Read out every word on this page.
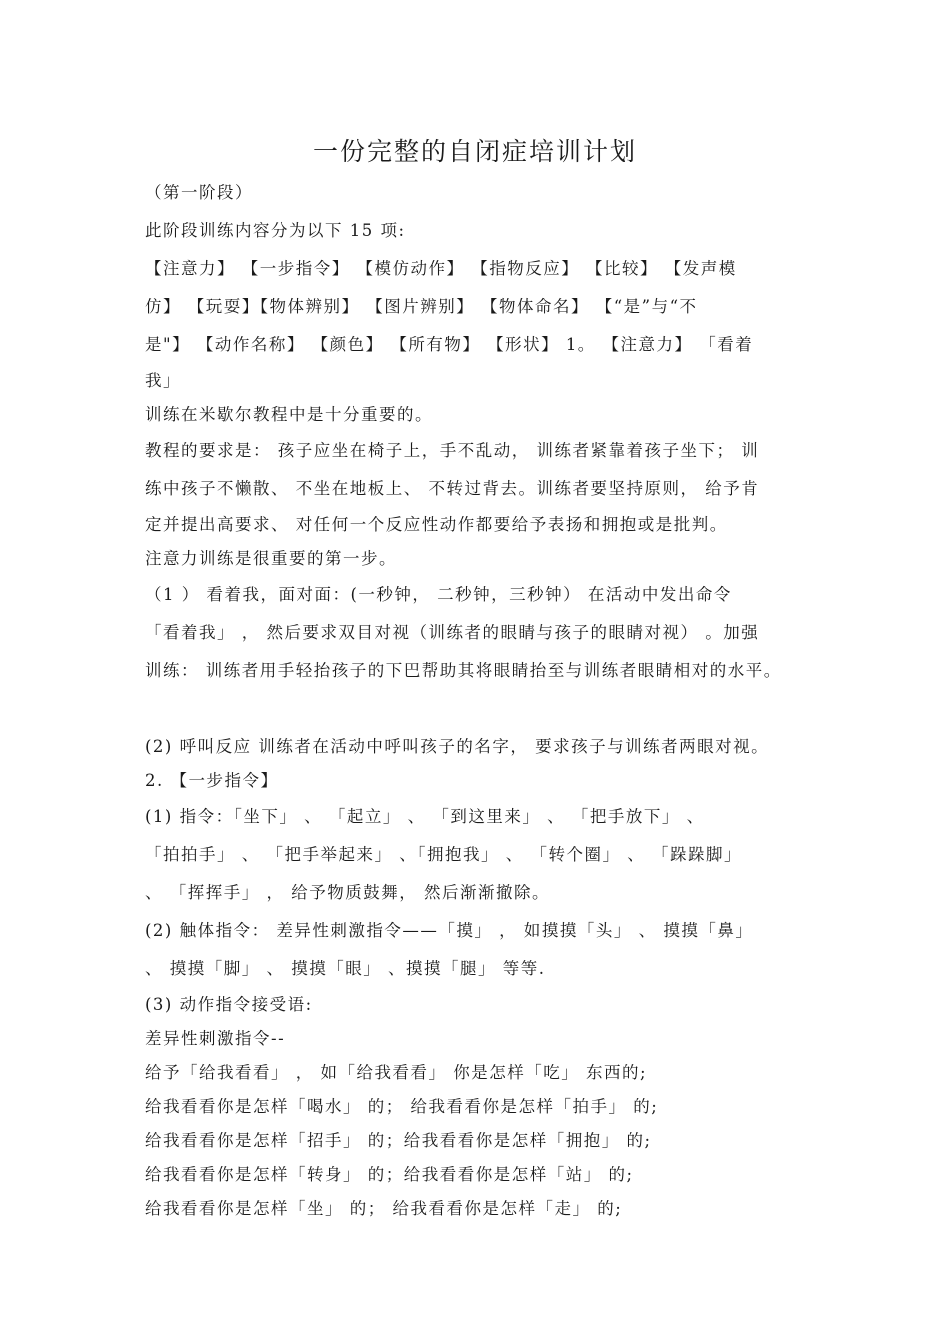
一份完整的自闭症培训计划
（第一阶段）
此阶段训练内容分为以下 15 项:
【注意力】 【一步指令】 【模仿动作】 【指物反应】 【比较】 【发声模
仿】 【玩耍】【物体辨别】 【图片辨别】 【物体命名】 【“是”与“不
是"】 【动作名称】 【颜色】 【所有物】 【形状】 1。 【注意力】 「看着
我」
训练在米歇尔教程中是十分重要的。
教程的要求是： 孩子应坐在椅子上，手不乱动， 训练者紧靠着孩子坐下； 训
练中孩子不懒散、 不坐在地板上、 不转过背去。训练者要坚持原则， 给予肯
定并提出高要求、 对任何一个反应性动作都要给予表扬和拥抱或是批判。
注意力训练是很重要的第一步。
（1 ） 看着我，面对面：(一秒钟， 二秒钟，三秒钟） 在活动中发出命令
「看着我」 ， 然后要求双目对视（训练者的眼睛与孩子的眼睛对视） 。加强
训练： 训练者用手轻抬孩子的下巴帮助其将眼睛抬至与训练者眼睛相对的水平。
(2) 呼叫反应 训练者在活动中呼叫孩子的名字， 要求孩子与训练者两眼对视。
2. 【一步指令】
(1) 指令：「坐下」 、 「起立」 、 「到这里来」 、 「把手放下」 、
「拍拍手」 、 「把手举起来」 、「拥抱我」 、 「转个圈」 、 「跺跺脚」
、 「挥挥手」 ， 给予物质鼓舞， 然后渐渐撤除。
(2) 触体指令： 差异性刺激指令——「摸」 ， 如摸摸「头」 、 摸摸「鼻」
、 摸摸「脚」 、 摸摸「眼」 、摸摸「腿」 等等.
(3) 动作指令接受语:
差异性刺激指令--
给予「给我看看」 ， 如「给我看看」 你是怎样「吃」 东西的;
给我看看你是怎样「喝水」 的； 给我看看你是怎样「拍手」 的;
给我看看你是怎样「招手」 的；给我看看你是怎样「拥抱」 的;
给我看看你是怎样「转身」 的；给我看看你是怎样「站」 的;
给我看看你是怎样「坐」 的； 给我看看你是怎样「走」 的;
